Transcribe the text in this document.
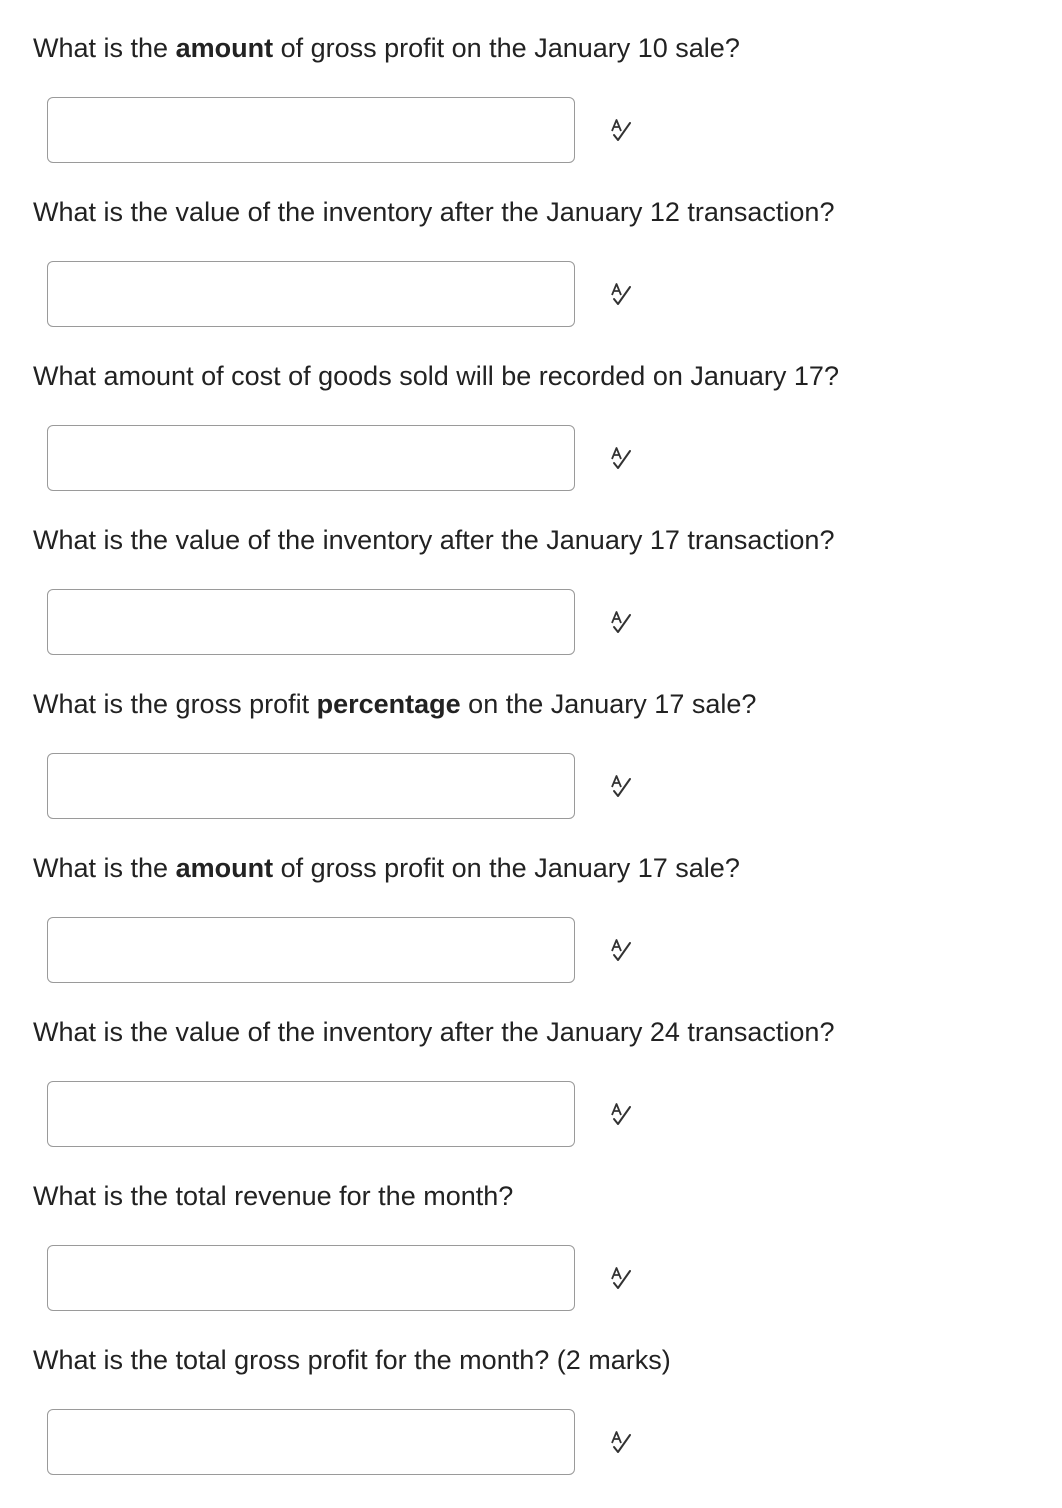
What is the amount of gross profit on the January 10 sale?
What is the value of the inventory after the January 12 transaction?
What amount of cost of goods sold will be recorded on January 17?
What is the value of the inventory after the January 17 transaction?
What is the gross profit percentage on the January 17 sale?
What is the amount of gross profit on the January 17 sale?
What is the value of the inventory after the January 24 transaction?
What is the total revenue for the month?
What is the total gross profit for the month? (2 marks)
